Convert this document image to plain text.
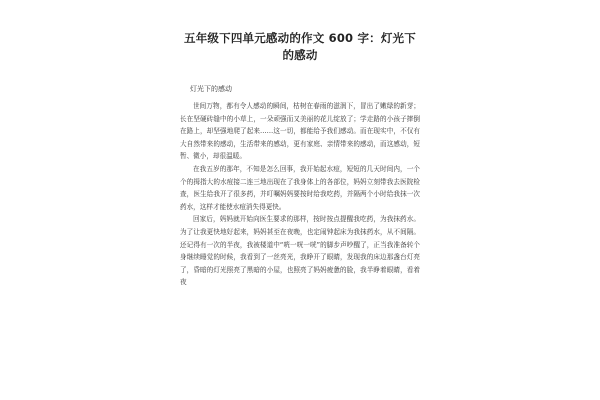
五年级下四单元感动的作文 600 字：灯光下
的感动

灯光下的感动

世间万物，都有令人感动的瞬间，枯树在春雨的滋润下，冒出了嫩绿的新芽；长在坚硬砖缝中的小草上，一朵顽强而又美丽的花儿绽放了；学走路的小孩子摔倒在路上，却坚强地爬了起来……这一切，都能给予我们感动。而在现实中，不仅有大自然带来的感动，生活带来的感动，更有家庭、亲情带来的感动，而这感动，短暂、微小，却很温暖。

在我五岁的那年，不知是怎么回事，我开始起水痘，短短的几天时间内，一个个的拇指大的水痘接二连三地出现在了我身体上的各部位，妈妈立刻带我去医院检查，医生给我开了很多药，并叮嘱妈妈要按时给我吃药，并隔两个小时给我抹一次药水，这样才能使水痘消失得更快。

回家后，妈妈就开始向医生要求的那样，按时按点提醒我吃药，为我抹药水。为了让我更快地好起来，妈妈甚至在夜晚，也定闹钟起床为我抹药水，从不间隔。还记得有一次的半夜，我被楼道中“咣一咣一咣”的脚步声吵醒了，正当我准备转个身继续睡觉的时候，我看到了一丝亮光，我睁开了眼睛，发现我的床边那盏台灯亮了，昏暗的灯光照亮了黑暗的小屋，也照亮了妈妈疲惫的脸，我半睁着眼睛，看着夜
